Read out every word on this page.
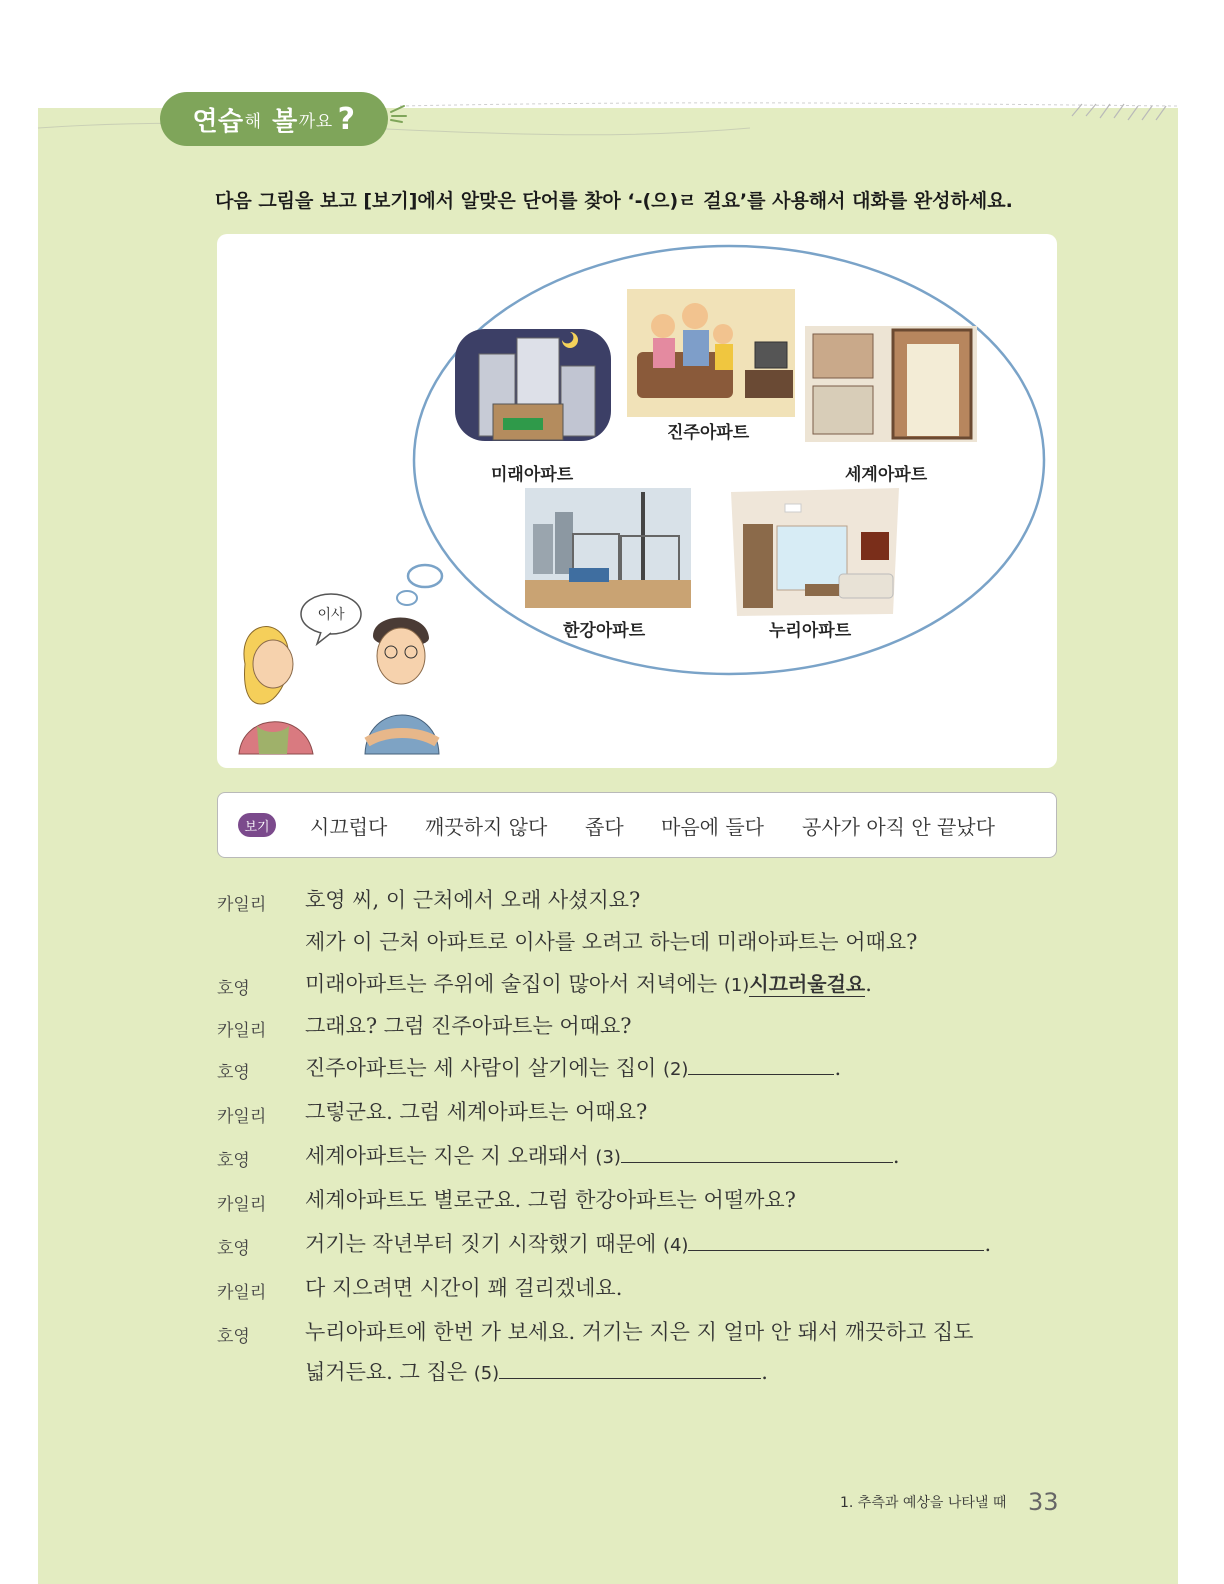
연습 해
볼 까요 ?
다음 그림을 보고 [보기]에서 알맞은 단어를 찾아 ‘-(으)ㄹ 걸요’를 사용해서 대화를 완성하세요.
미래아파트
진주아파트
세계아파트
한강아파트	누리아파트
이사
보기	시끄럽다 깨끗하지 않다 좁다 마음에 들다 공사가 아직 안 끝났다
카일리 호영 씨, 이 근처에서 오래 사셨지요?
제가 이 근처 아파트로 이사를 오려고 하는데 미래아파트는 어때요?
호영	미래아파트는 주위에 술집이 많아서 저녁에는 (1)시끄러울걸요.
카일리 그래요? 그럼 진주아파트는 어때요?
호영	진주아파트는 세 사람이 살기에는 집이 (2)	.
카일리 그렇군요. 그럼 세계아파트는 어때요?
호영	세계아파트는 지은 지 오래돼서 (3)	.
카일리 세계아파트도 별로군요. 그럼 한강아파트는 어떨까요?
호영	거기는 작년부터 짓기 시작했기 때문에 (4)	.
카일리 다 지으려면 시간이 꽤 걸리겠네요.
호영	누리아파트에 한번 가 보세요. 거기는 지은 지 얼마 안 돼서 깨끗하고 집도
넓거든요. 그 집은 (5)	.
1. 추측과 예상을 나타낼 때 33
